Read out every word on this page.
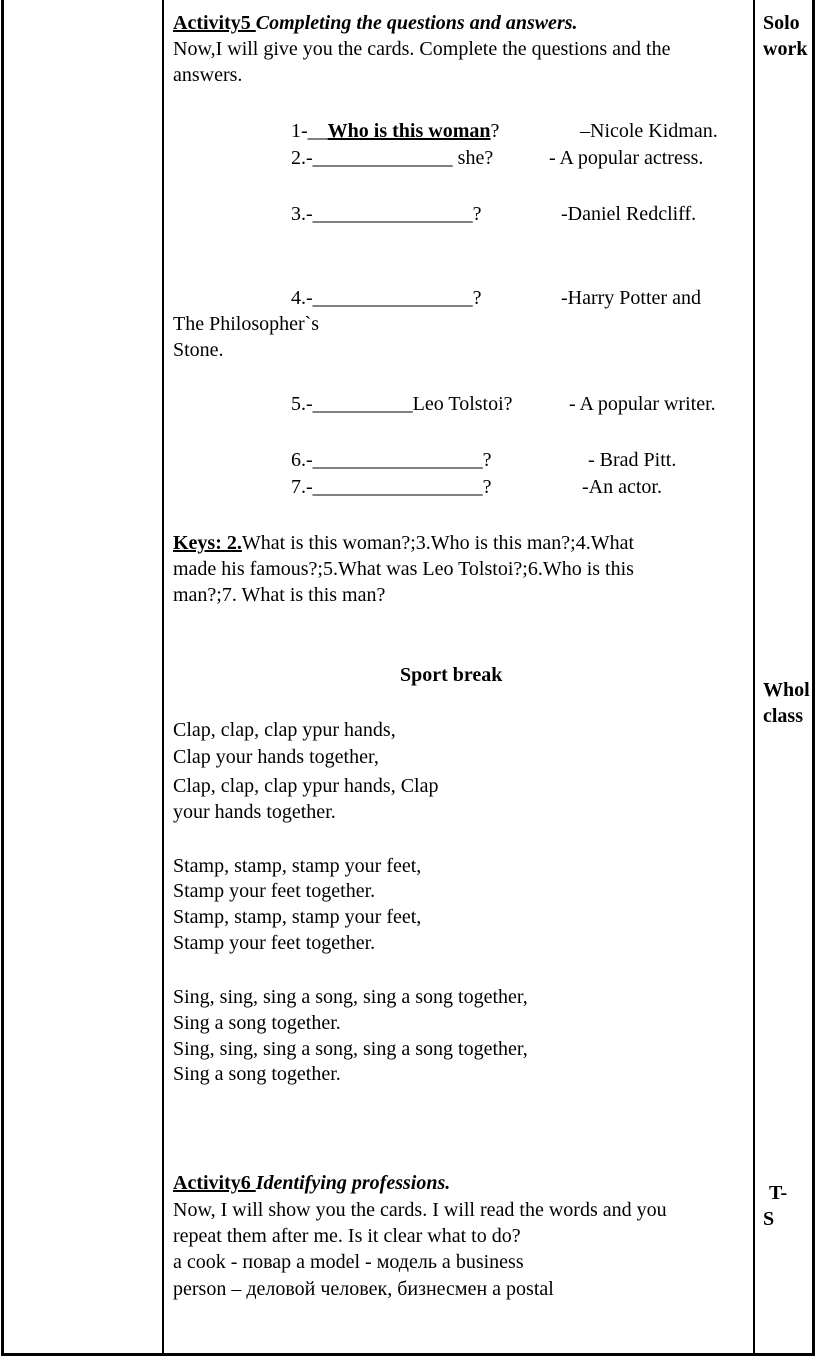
Activity5 Completing the questions and answers.
Now,I will give you the cards. Complete the questions and the
answers.
1-__Who is this woman?	–Nicole Kidman.
2.-______________ she?	- A popular actress.
3.-________________?	-Daniel Redcliff.
4.-________________?	-Harry Potter and
The Philosopher`s
Stone.
5.-__________Leo Tolstoi?	- A popular writer.
6.-_________________?	- Brad Pitt.
7.-_________________?	-An actor.
Keys: 2.What is this woman?;3.Who is this man?;4.What
made his famous?;5.What was Leo Tolstoi?;6.Who is this
man?;7. What is this man?
Sport break
Clap, clap, clap ypur hands,
Clap your hands together,
Clap, clap, clap ypur hands, Clap
your hands together.
Stamp, stamp, stamp your feet,
Stamp your feet together.
Stamp, stamp, stamp your feet,
Stamp your feet together.
Sing, sing, sing a song, sing a song together,
Sing a song together.
Sing, sing, sing a song, sing a song together,
Sing a song together.
Activity6 Identifying professions.
Now, I will show you the cards. I will read the words and you
repeat them after me. Is it clear what to do?
a cook - повар a model - модель a business
person – деловой человек, бизнесмен a postal
Solo
work
Whol
class
T-
S
